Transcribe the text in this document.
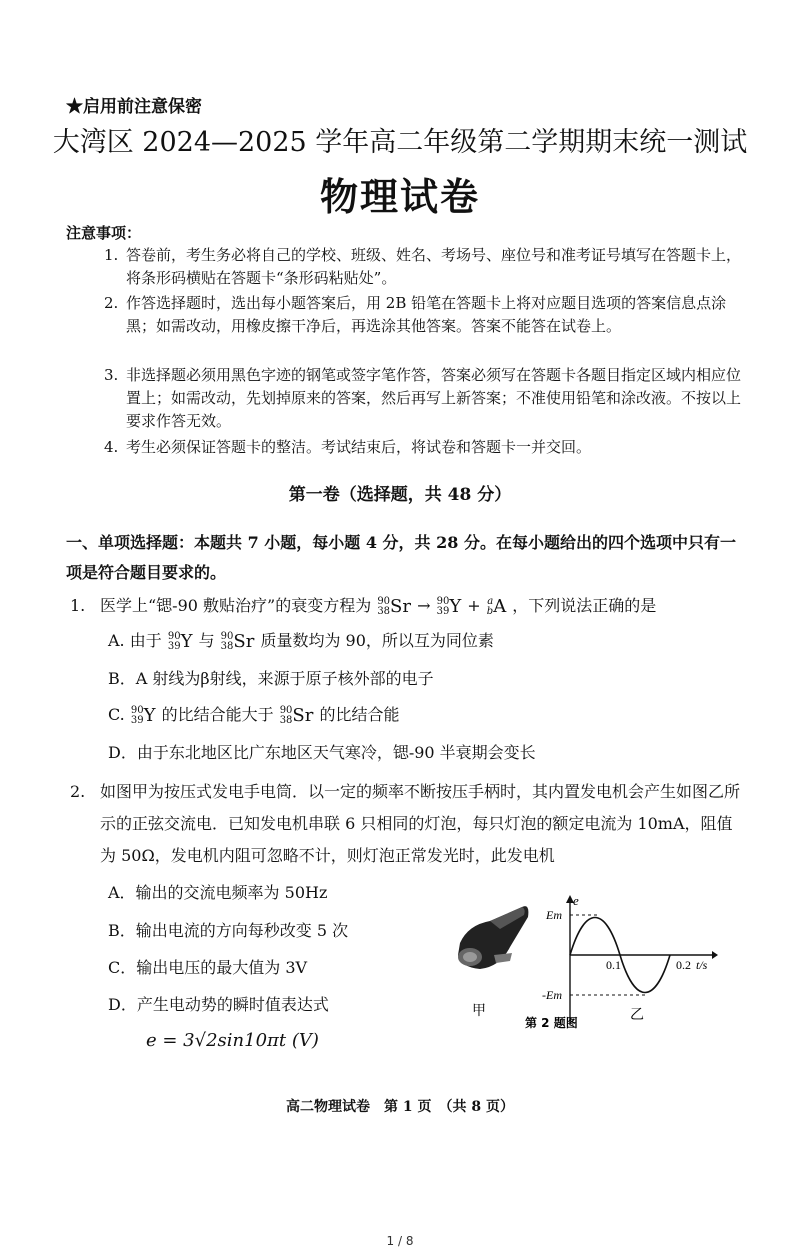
★启用前注意保密
大湾区 2024—2025 学年高二年级第二学期期末统一测试
物理试卷
注意事项：
1. 答卷前，考生务必将自己的学校、班级、姓名、考场号、座位号和准考证号填写在答题卡上，将条形码横贴在答题卡“条形码粘贴处”。
2. 作答选择题时，选出每小题答案后，用 2B 铅笔在答题卡上将对应题目选项的答案信息点涂黑；如需改动，用橡皮擦干净后，再选涂其他答案。答案不能答在试卷上。
3. 非选择题必须用黑色字迹的钢笔或签字笔作答，答案必须写在答题卡各题目指定区域内相应位置上；如需改动，先划掉原来的答案，然后再写上新答案；不准使用铅笔和涂改液。不按以上要求作答无效。
4. 考生必须保证答题卡的整洁。考试结束后，将试卷和答题卡一并交回。
第一卷（选择题，共 48 分）
一、单项选择题：本题共 7 小题，每小题 4 分，共 28 分。在每小题给出的四个选项中只有一项是符合题目要求的。
1. 医学上“锶-90 敷贴治疗”的衰变方程为 90
38 Sr → 90
39 Y + a
b A ，下列说法正确的是
A. 由于 90
39 Y 与 90
38 Sr 质量数均为 90，所以互为同位素
B．A 射线为β射线，来源于原子核外部的电子
C. 90
39 Y 的比结合能大于 90
38 Sr 的比结合能
D．由于东北地区比广东地区天气寒冷，锶-90 半衰期会变长
2. 如图甲为按压式发电手电筒．以一定的频率不断按压手柄时，其内置发电机会产生如图乙所示的正弦交流电．已知发电机串联 6 只相同的灯泡，每只灯泡的额定电流为 10mA，阻值为 50Ω，发电机内阻可忽略不计，则灯泡正常发光时，此发电机
A．输出的交流电频率为 50Hz
B．输出电流的方向每秒改变 5 次
C．输出电压的最大值为 3V
D．产生电动势的瞬时值表达式
e = 3√2sin10πt (V)
e
Em
-Em
0.1	0.2 t/s
甲	乙
第 2 题图
高二物理试卷　第 1 页　（共 8 页）
1 / 8
